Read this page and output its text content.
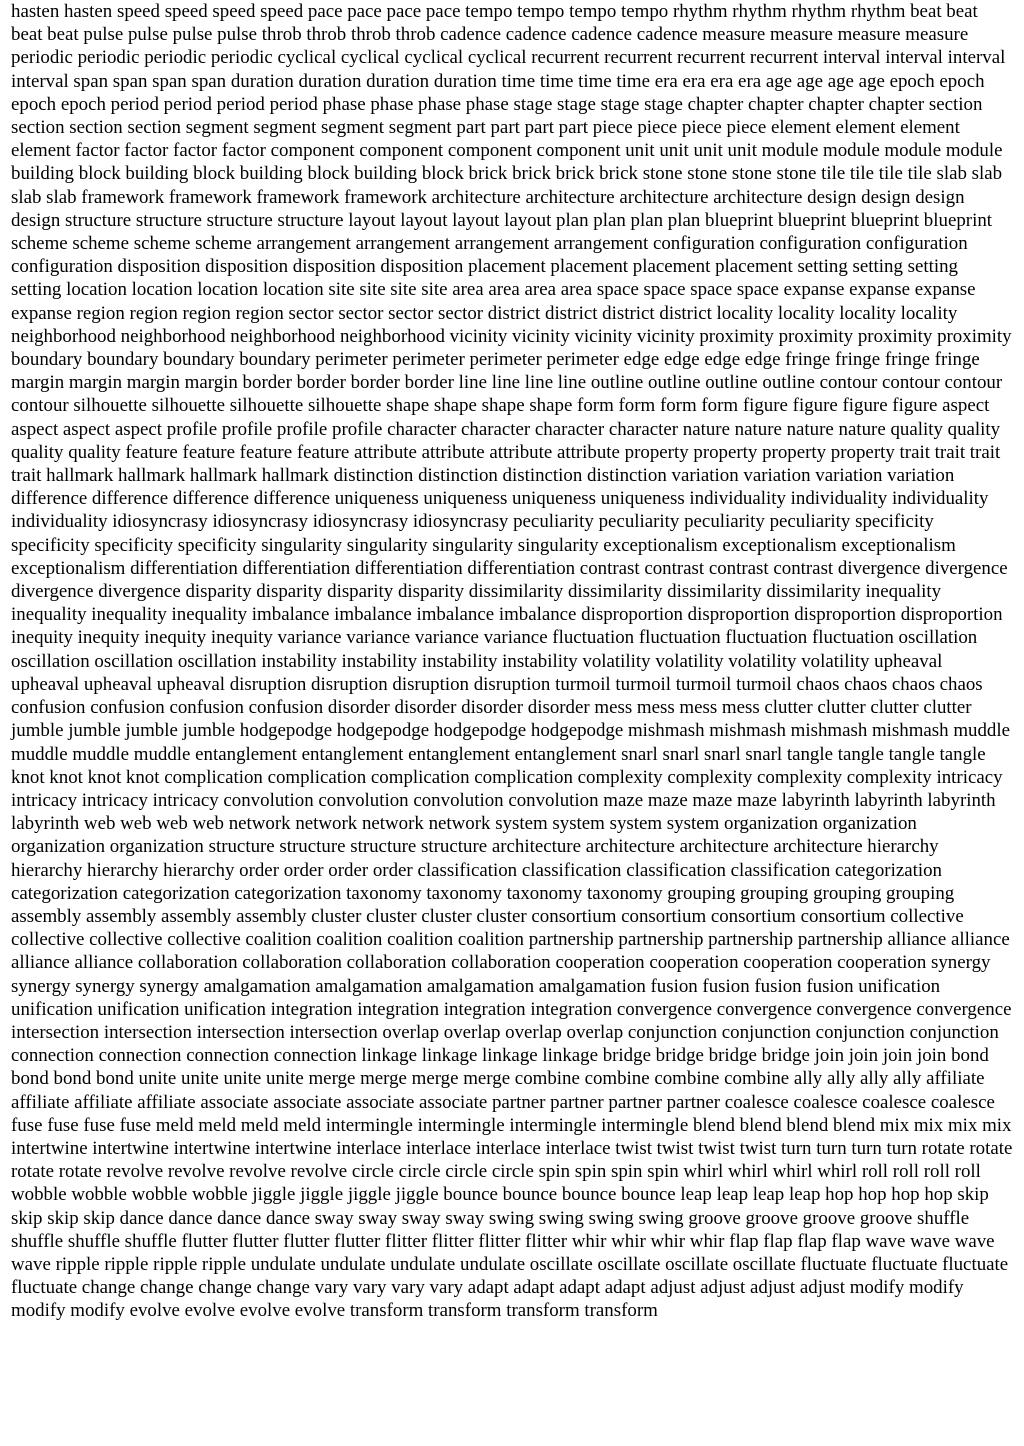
hasten hasten speed speed speed speed pace pace pace pace tempo tempo tempo tempo rhythm rhythm rhythm rhythm beat beat beat beat pulse pulse pulse pulse throb throb throb throb cadence cadence cadence cadence measure measure measure measure periodic periodic periodic periodic cyclical cyclical cyclical cyclical recurrent recurrent recurrent recurrent interval interval interval interval span span span span duration duration duration duration time time time time era era era era age age age age epoch epoch epoch epoch period period period period phase phase phase phase stage stage stage stage chapter chapter chapter chapter section section section section segment segment segment segment part part part part piece piece piece piece element element element element factor factor factor factor component component component component unit unit unit unit module module module module building block building block building block building block brick brick brick brick stone stone stone stone tile tile tile tile slab slab slab slab framework framework framework framework architecture architecture architecture architecture design design design design structure structure structure structure layout layout layout layout plan plan plan plan blueprint blueprint blueprint blueprint scheme scheme scheme scheme arrangement arrangement arrangement arrangement configuration configuration configuration configuration disposition disposition disposition disposition placement placement placement placement setting setting setting setting location location location location site site site site area area area area space space space space expanse expanse expanse expanse region region region region sector sector sector sector district district district district locality locality locality locality neighborhood neighborhood neighborhood neighborhood vicinity vicinity vicinity vicinity proximity proximity proximity proximity boundary boundary boundary boundary perimeter perimeter perimeter perimeter edge edge edge edge fringe fringe fringe fringe margin margin margin margin border border border border line line line line outline outline outline outline contour contour contour contour silhouette silhouette silhouette silhouette shape shape shape shape form form form form figure figure figure figure aspect aspect aspect aspect profile profile profile profile character character character character nature nature nature nature quality quality quality quality feature feature feature feature attribute attribute attribute attribute property property property property trait trait trait trait hallmark hallmark hallmark hallmark distinction distinction distinction distinction variation variation variation variation difference difference difference difference uniqueness uniqueness uniqueness uniqueness individuality individuality individuality individuality idiosyncrasy idiosyncrasy idiosyncrasy idiosyncrasy peculiarity peculiarity peculiarity peculiarity specificity specificity specificity specificity singularity singularity singularity singularity exceptionalism exceptionalism exceptionalism exceptionalism differentiation differentiation differentiation differentiation contrast contrast contrast contrast divergence divergence divergence divergence disparity disparity disparity disparity dissimilarity dissimilarity dissimilarity dissimilarity inequality inequality inequality inequality imbalance imbalance imbalance imbalance disproportion disproportion disproportion disproportion inequity inequity inequity inequity variance variance variance variance fluctuation fluctuation fluctuation fluctuation oscillation oscillation oscillation oscillation instability instability instability instability volatility volatility volatility volatility upheaval upheaval upheaval upheaval disruption disruption disruption disruption turmoil turmoil turmoil turmoil chaos chaos chaos chaos confusion confusion confusion confusion disorder disorder disorder disorder mess mess mess mess clutter clutter clutter clutter jumble jumble jumble jumble hodgepodge hodgepodge hodgepodge hodgepodge mishmash mishmash mishmash mishmash muddle muddle muddle muddle entanglement entanglement entanglement entanglement snarl snarl snarl snarl tangle tangle tangle tangle knot knot knot knot complication complication complication complication complexity complexity complexity complexity intricacy intricacy intricacy intricacy convolution convolution convolution convolution maze maze maze maze labyrinth labyrinth labyrinth labyrinth web web web web network network network network system system system system organization organization organization organization structure structure structure structure architecture architecture architecture architecture hierarchy hierarchy hierarchy hierarchy order order order order classification classification classification classification categorization categorization categorization categorization taxonomy taxonomy taxonomy taxonomy grouping grouping grouping grouping assembly assembly assembly assembly cluster cluster cluster cluster consortium consortium consortium consortium collective collective collective collective coalition coalition coalition coalition partnership partnership partnership partnership alliance alliance alliance alliance collaboration collaboration collaboration collaboration cooperation cooperation cooperation cooperation synergy synergy synergy synergy amalgamation amalgamation amalgamation amalgamation fusion fusion fusion fusion unification unification unification unification integration integration integration integration convergence convergence convergence convergence intersection intersection intersection intersection overlap overlap overlap overlap conjunction conjunction conjunction conjunction connection connection connection connection linkage linkage linkage linkage bridge bridge bridge bridge join join join join bond bond bond bond unite unite unite unite merge merge merge merge combine combine combine combine ally ally ally ally affiliate affiliate affiliate affiliate associate associate associate associate partner partner partner partner coalesce coalesce coalesce coalesce fuse fuse fuse fuse meld meld meld meld intermingle intermingle intermingle intermingle blend blend blend blend mix mix mix mix intertwine intertwine intertwine intertwine interlace interlace interlace interlace twist twist twist twist turn turn turn turn rotate rotate rotate rotate revolve revolve revolve revolve circle circle circle circle spin spin spin spin whirl whirl whirl whirl roll roll roll roll wobble wobble wobble wobble jiggle jiggle jiggle jiggle bounce bounce bounce bounce leap leap leap leap hop hop hop hop skip skip skip skip dance dance dance dance sway sway sway sway swing swing swing swing groove groove groove groove shuffle shuffle shuffle shuffle flutter flutter flutter flutter flitter flitter flitter flitter whir whir whir whir flap flap flap flap wave wave wave wave ripple ripple ripple ripple undulate undulate undulate undulate oscillate oscillate oscillate oscillate fluctuate fluctuate fluctuate fluctuate change change change change vary vary vary vary adapt adapt adapt adapt adjust adjust adjust adjust modify modify modify modify evolve evolve evolve evolve transform transform transform transform
